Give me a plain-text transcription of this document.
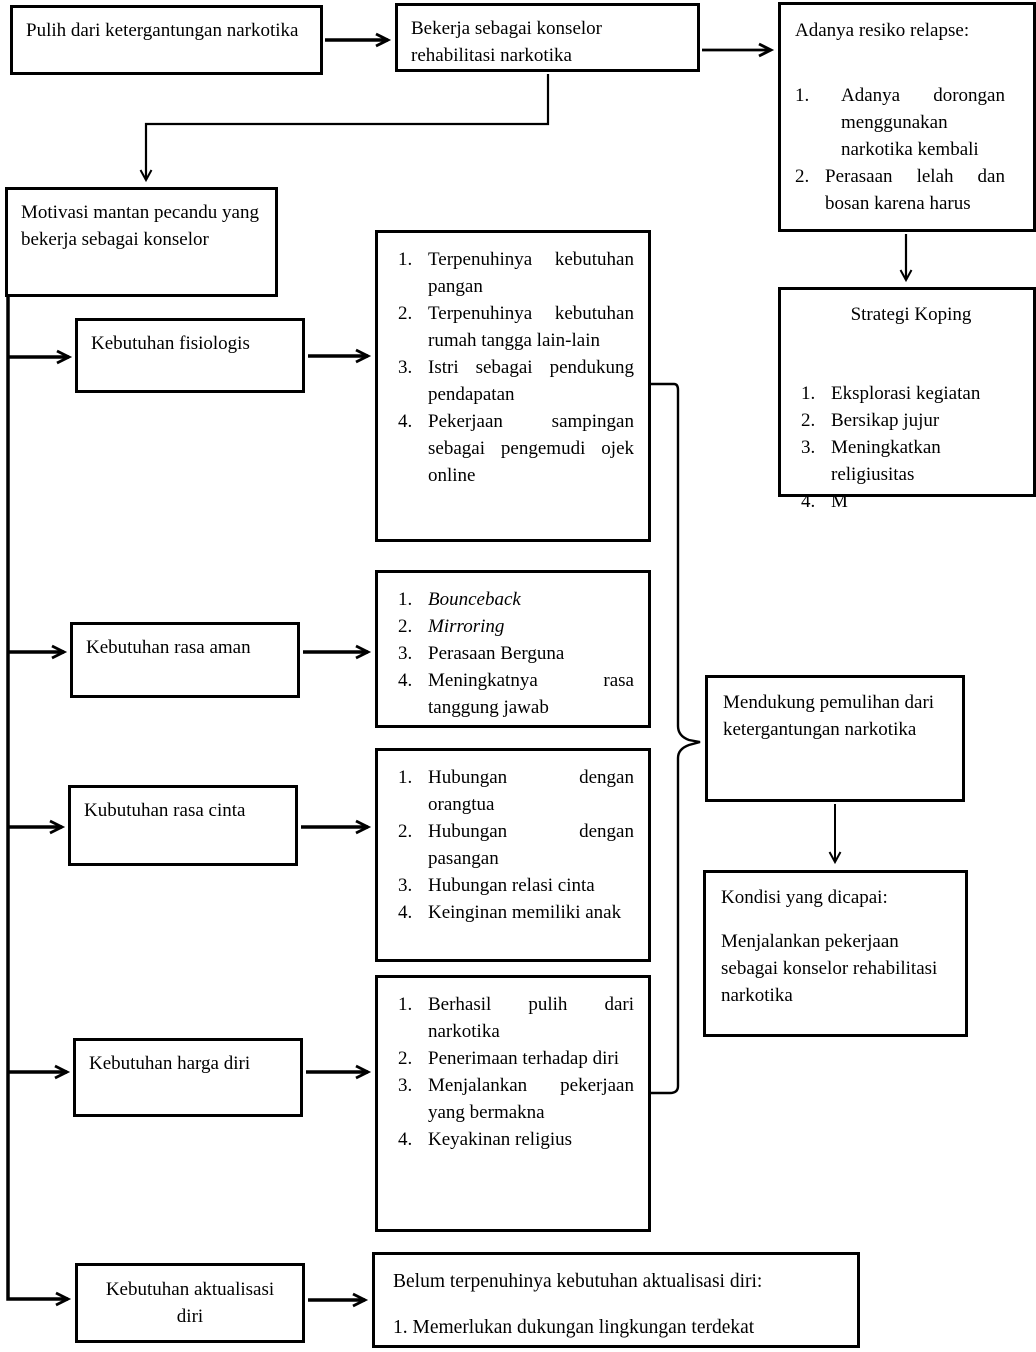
Pulih dari ketergantungan narkotika	Bekerja sebagai konselor rehabilitasi narkotika
Adanya resiko relapse:
Adanya dorongan menggunakan narkotika kembali
Perasaan lelah dan bosan karena harus
Strategi Koping
Eksplorasi kegiatan
Bersikap jujur
Meningkatkan religiusitas
M
Motivasi mantan pecandu yang bekerja sebagai konselor
Kebutuhan fisiologis
Kebutuhan rasa aman
Kubutuhan rasa cinta
Kebutuhan harga diri
Kebutuhan aktualisasi diri
Terpenuhinya kebutuhan pangan
Terpenuhinya kebutuhan rumah tangga lain-lain
Istri sebagai pendukung pendapatan
Pekerjaan sampingan sebagai pengemudi ojek online
Bounceback
Mirroring
Perasaan Berguna
Meningkatnya rasa tanggung jawab
Hubungan dengan orangtua
Hubungan dengan pasangan
Hubungan relasi cinta
Keinginan memiliki anak
Berhasil pulih dari narkotika
Penerimaan terhadap diri
Menjalankan pekerjaan yang bermakna
Keyakinan religius
Mendukung pemulihan dari ketergantungan narkotika
Kondisi yang dicapai:
Menjalankan pekerjaan sebagai konselor rehabilitasi narkotika
Belum terpenuhinya kebutuhan aktualisasi diri:
1. Memerlukan dukungan lingkungan terdekat
